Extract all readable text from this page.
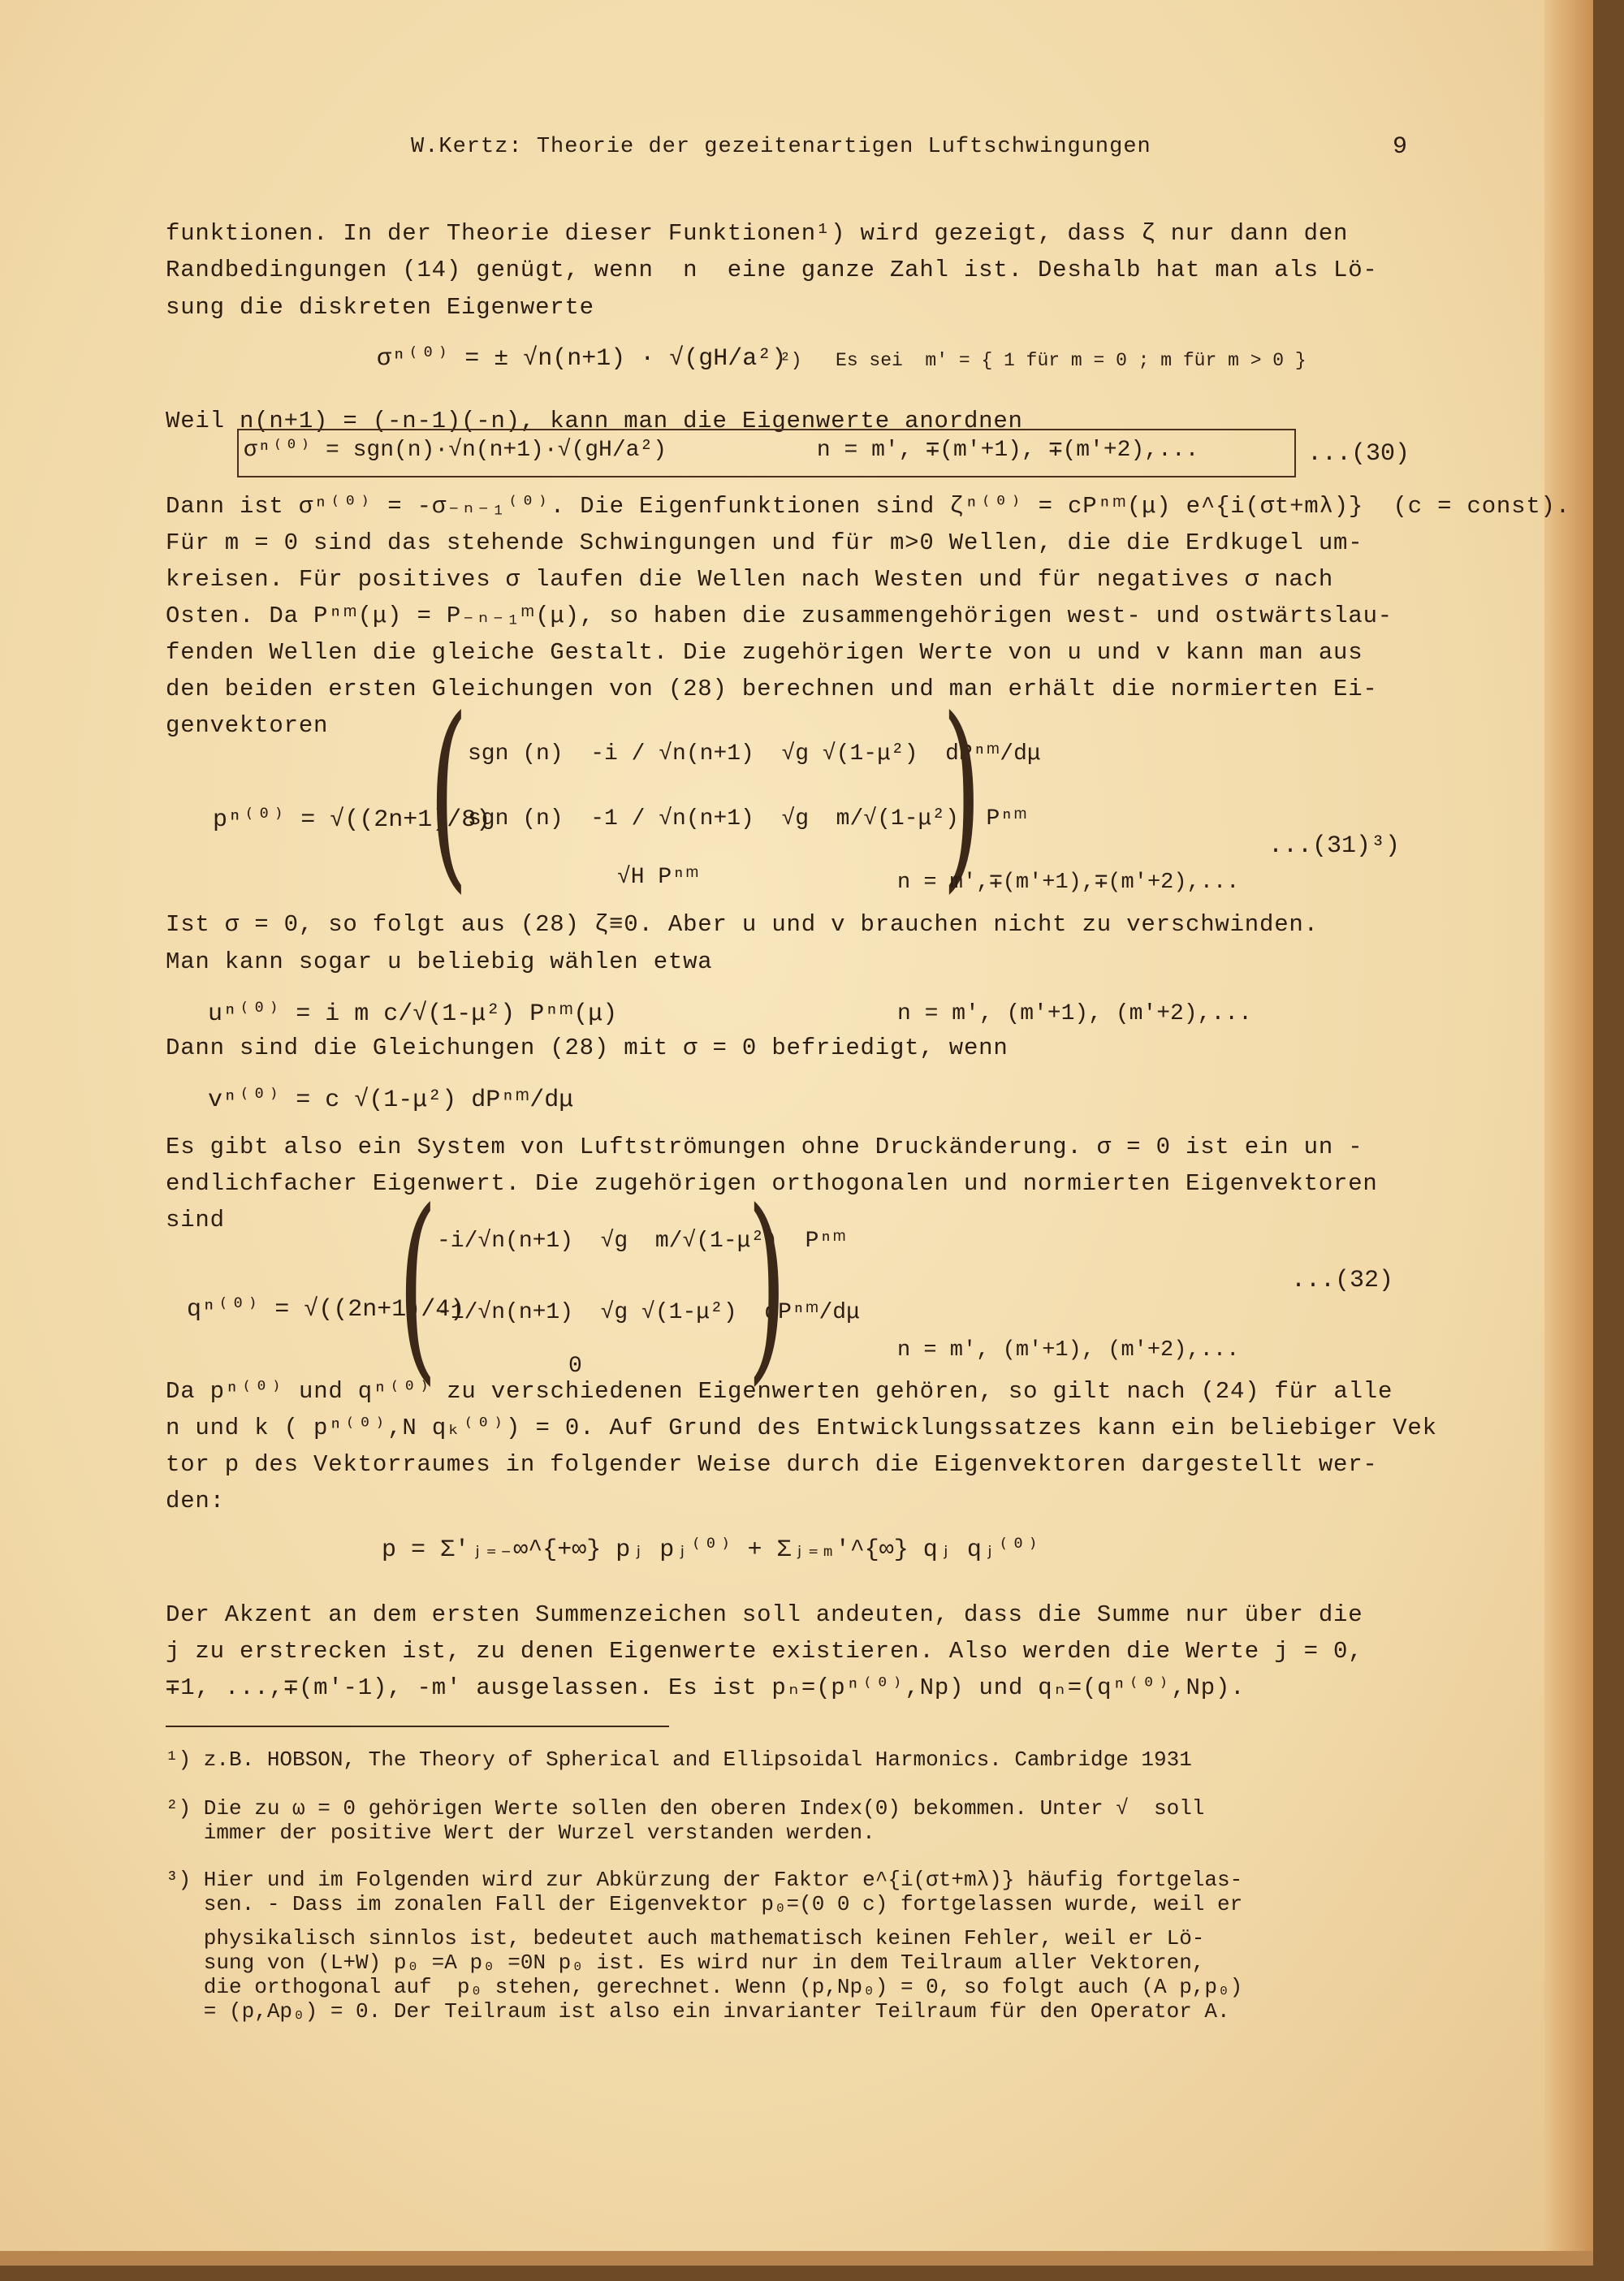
W.Kertz: Theorie der gezeitenartigen Luftschwingungen	9
funktionen. In der Theorie dieser Funktionen¹) wird gezeigt, dass ζ nur dann den
Randbedingungen (14) genügt, wenn  n  eine ganze Zahl ist. Deshalb hat man als Lö-
sung die diskreten Eigenwerte
σⁿ⁽⁰⁾ = ± √n(n+1) · √(gH/a²)
²)   Es sei  m' = { 1 für m = 0 ; m für m > 0 }
Weil n(n+1) = (-n-1)(-n), kann man die Eigenwerte anordnen
σⁿ⁽⁰⁾ = sgn(n)·√n(n+1)·√(gH/a²)           n = m', ∓(m'+1), ∓(m'+2),...	...(30)
Dann ist σⁿ⁽⁰⁾ = -σ₋ₙ₋₁⁽⁰⁾. Die Eigenfunktionen sind ζⁿ⁽⁰⁾ = cPⁿᵐ(μ) e^{i(σt+mλ)}  (c = const).
Für m = 0 sind das stehende Schwingungen und für m>0 Wellen, die die Erdkugel um-
kreisen. Für positives σ laufen die Wellen nach Westen und für negatives σ nach
Osten. Da Pⁿᵐ(μ) = P₋ₙ₋₁ᵐ(μ), so haben die zusammengehörigen west- und ostwärtslau-
fenden Wellen die gleiche Gestalt. Die zugehörigen Werte von u und v kann man aus
den beiden ersten Gleichungen von (28) berechnen und man erhält die normierten Ei-
genvektoren
pⁿ⁽⁰⁾ = √((2n+1)/8)
( sgn (n)  -i / √n(n+1)  √g √(1-μ²)  dPⁿᵐ/dμ
sgn (n)  -1 / √n(n+1)  √g  m/√(1-μ²)  Pⁿᵐ
√H Pⁿᵐ )
n = m',∓(m'+1),∓(m'+2),...
...(31)³)
Ist σ = 0, so folgt aus (28) ζ≡0. Aber u und v brauchen nicht zu verschwinden.
Man kann sogar u beliebig wählen etwa
uⁿ⁽⁰⁾ = i m c/√(1-μ²) Pⁿᵐ(μ)	n = m', (m'+1), (m'+2),...
Dann sind die Gleichungen (28) mit σ = 0 befriedigt, wenn
vⁿ⁽⁰⁾ = c √(1-μ²) dPⁿᵐ/dμ
Es gibt also ein System von Luftströmungen ohne Druckänderung. σ = 0 ist ein un -
endlichfacher Eigenwert. Die zugehörigen orthogonalen und normierten Eigenvektoren
sind
qⁿ⁽⁰⁾ = √((2n+1)/4)
( -i/√n(n+1)  √g  m/√(1-μ²)  Pⁿᵐ
-1/√n(n+1)  √g √(1-μ²)  dPⁿᵐ/dμ
0 )	n = m', (m'+1), (m'+2),...
...(32)
Da pⁿ⁽⁰⁾ und qⁿ⁽⁰⁾ zu verschiedenen Eigenwerten gehören, so gilt nach (24) für alle
n und k ( pⁿ⁽⁰⁾,N qₖ⁽⁰⁾) = 0. Auf Grund des Entwicklungssatzes kann ein beliebiger Vek
tor p des Vektorraumes in folgender Weise durch die Eigenvektoren dargestellt wer-
den:
p = Σ'ⱼ₌₋∞^{+∞} pⱼ pⱼ⁽⁰⁾ + Σⱼ₌ₘ'^{∞} qⱼ qⱼ⁽⁰⁾
Der Akzent an dem ersten Summenzeichen soll andeuten, dass die Summe nur über die
j zu erstrecken ist, zu denen Eigenwerte existieren. Also werden die Werte j = 0,
∓1, ...,∓(m'-1), -m' ausgelassen. Es ist pₙ=(pⁿ⁽⁰⁾,Np) und qₙ=(qⁿ⁽⁰⁾,Np).
¹) z.B. HOBSON, The Theory of Spherical and Ellipsoidal Harmonics. Cambridge 1931
²) Die zu ω = 0 gehörigen Werte sollen den oberen Index(0) bekommen. Unter √  soll
immer der positive Wert der Wurzel verstanden werden.
³) Hier und im Folgenden wird zur Abkürzung der Faktor e^{i(σt+mλ)} häufig fortgelas-
sen. - Dass im zonalen Fall der Eigenvektor p₀=(0 0 c) fortgelassen wurde, weil er
physikalisch sinnlos ist, bedeutet auch mathematisch keinen Fehler, weil er Lö-
sung von (L+W) p₀ =A p₀ =0N p₀ ist. Es wird nur in dem Teilraum aller Vektoren,
die orthogonal auf  p₀ stehen, gerechnet. Wenn (p,Np₀) = 0, so folgt auch (A p,p₀)
= (p,Ap₀) = 0. Der Teilraum ist also ein invarianter Teilraum für den Operator A.
